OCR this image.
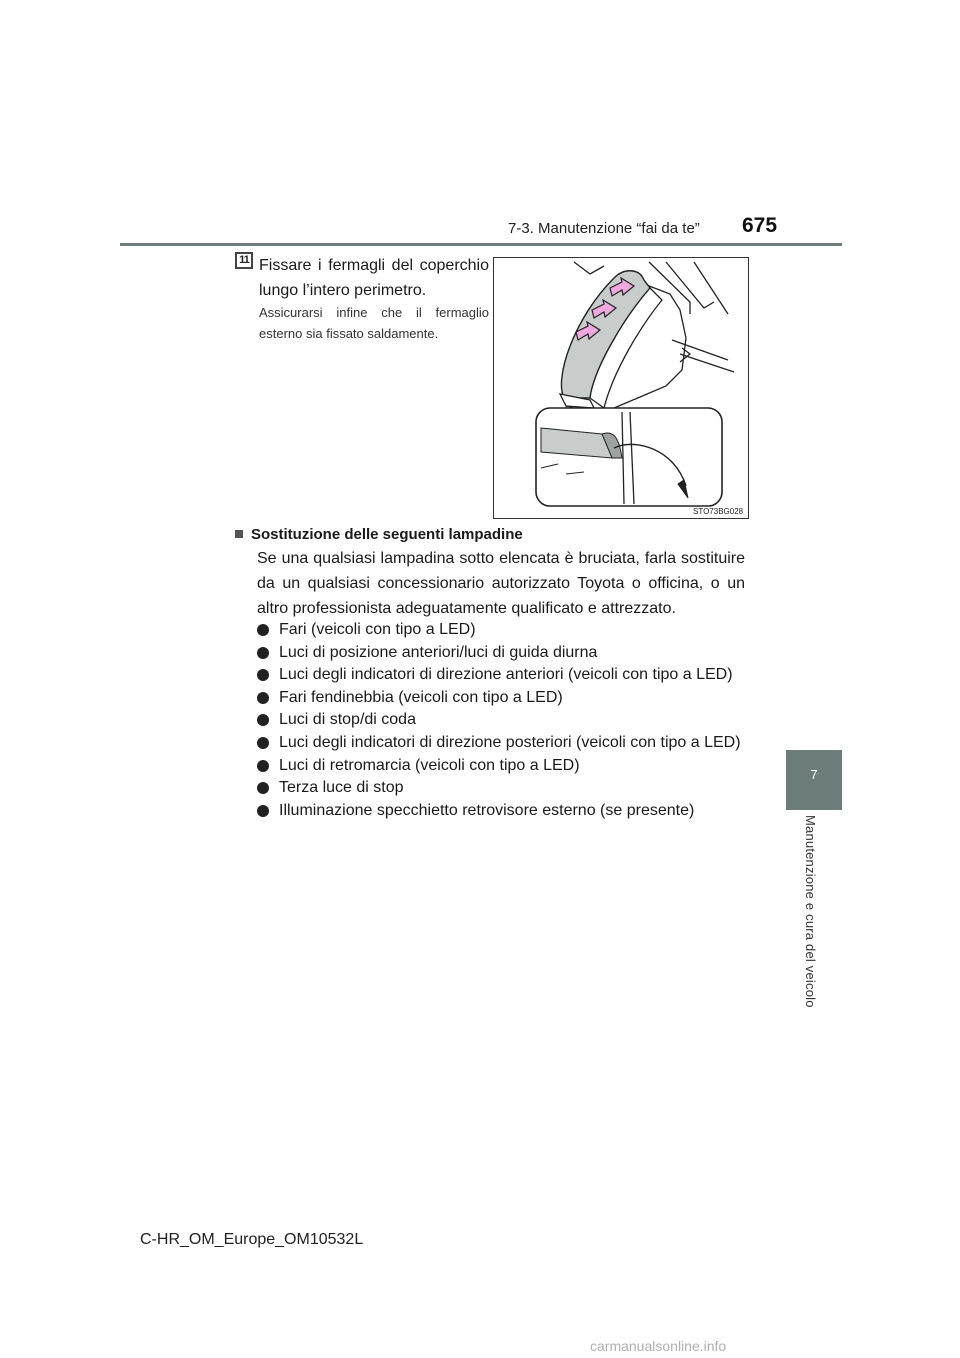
7-3. Manutenzione “fai da te” 675
7
Manutenzione e cura del veicolo
11 Fissare i fermagli del coperchio lungo l’intero perimetro.
Assicurarsi infine che il fermaglio esterno sia fissato saldamente.
STO73BG028
Sostituzione delle seguenti lampadine
Se una qualsiasi lampadina sotto elencata è bruciata, farla sostituire da un qualsiasi concessionario autorizzato Toyota o officina, o un altro professionista adeguatamente qualificato e attrezzato.
Fari (veicoli con tipo a LED)
Luci di posizione anteriori/luci di guida diurna
Luci degli indicatori di direzione anteriori (veicoli con tipo a LED)
Fari fendinebbia (veicoli con tipo a LED)
Luci di stop/di coda
Luci degli indicatori di direzione posteriori (veicoli con tipo a LED)
Luci di retromarcia (veicoli con tipo a LED)
Terza luce di stop
Illuminazione specchietto retrovisore esterno (se presente)
C-HR_OM_Europe_OM10532L
carmanualsonline.info
